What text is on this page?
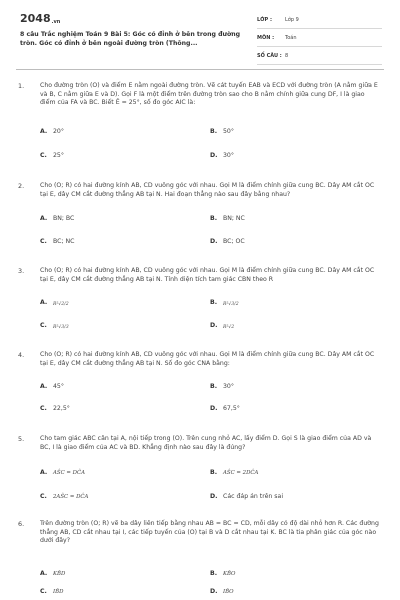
2048.vn
8 câu Trắc nghiệm Toán 9 Bài 5: Góc có đỉnh ở bên trong đường tròn. Góc có đỉnh ở bên ngoài đường tròn (Thông...
LỚP :	Lớp 9
MÔN : Toán
SỐ CÂU : 8
1.	Cho đường tròn (O) và điểm E nằm ngoài đường tròn. Vẽ cát tuyến EAB và ECD với đường tròn (A nằm giữa E và B, C nằm giữa E và D). Gọi F là một điểm trên đường tròn sao cho B nằm chính giữa cung DF, I là giao điểm của FA và BC. Biết Ê = 25°, số đo góc AIC là:
A. 20°	B. 50°
C. 25°	D. 30°
2.	Cho (O; R) có hai đường kính AB, CD vuông góc với nhau. Gọi M là điểm chính giữa cung BC. Dây AM cắt OC tại E, dây CM cắt đường thẳng AB tại N. Hai đoạn thẳng nào sau đây bằng nhau?
A. BN; BC	B. BN; NC
C. BC; NC	D. BC; OC
3.	Cho (O; R) có hai đường kính AB, CD vuông góc với nhau. Gọi M là điểm chính giữa cung BC. Dây AM cắt OC tại E, dây CM cắt đường thẳng AB tại N. Tính diện tích tam giác CBN theo R
A. R²√2/2	B. R²√3/2
C. R²√3/3	D. R²√2
4.	Cho (O; R) có hai đường kính AB, CD vuông góc với nhau. Gọi M là điểm chính giữa cung BC. Dây AM cắt OC tại E, dây CM cắt đường thẳng AB tại N. Số đo góc CNA bằng:
A. 45°	B. 30°
C. 22,5°	D. 67,5°
5.	Cho tam giác ABC cân tại A, nội tiếp trong (O). Trên cung nhỏ AC, lấy điểm D. Gọi S là giao điểm của AD và BC, I là giao điểm của AC và BD. Khẳng định nào sau đây là đúng?
A. AŜC = DĈA	B. AŜC = 2DĈA
C. 2AŜC = DĈA	D. Các đáp án trên sai
6.	Trên đường tròn (O; R) vẽ ba dây liên tiếp bằng nhau AB = BC = CD, mỗi dây có độ dài nhỏ hơn R. Các đường thẳng AB, CD cắt nhau tại I, các tiếp tuyến của (O) tại B và D cắt nhau tại K. BC là tia phân giác của góc nào dưới đây?
A. KB̂D	B. KB̂O
C. IB̂D	D. IB̂O
